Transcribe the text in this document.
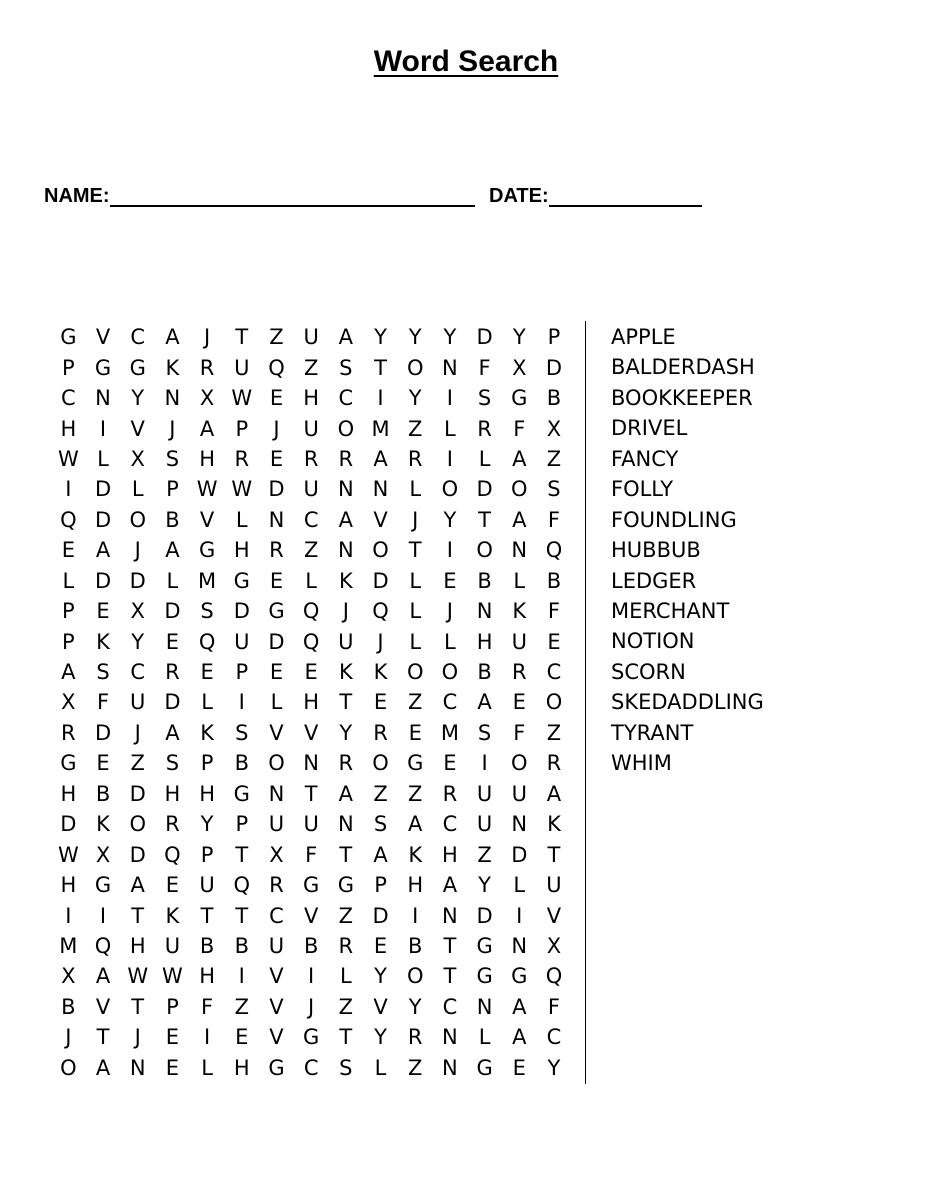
Word Search
NAME:	DATE:
G V C A	J	T	Z U A	Y	Y	Y D Y	P
P G G K R U Q Z S	T O N F	X D
C N Y N X W E H C	I	Y	I	S G B
H	I	V	J	A	P	J	U O M Z	L	R	F	X
W L	X S H R E R R A R	I	L	A Z
I	D L	P W W D U N N L O D O S
Q D O B V	L N C A V	J	Y	T	A	F
E A	J	A G H R Z N O T	I	O N Q
L D D L M G E	L	K D L	E B	L	B
P	E X D S D G Q	J	Q L	J	N K	F
P	K	Y	E Q U D Q U	J	L	L H U E
A S C R E	P	E	E	K K O O B R C
X	F U D L	I	L H T	E Z C A E O
R D	J	A K	S V V	Y R E M S	F	Z
G E Z S	P	B O N R O G E	I	O R
H B D H H G N T	A Z Z R U U A
D K O R Y	P U U N S A C U N K
W X D Q P	T	X	F	T	A K H Z D T
H G A E U Q R G G P H A	Y	L	U
I	I	T	K	T	T C V Z D	I	N D	I	V
M Q H U B B U B R E B	T G N X
X A W W H	I	V	I	L	Y O T G G Q
B V	T	P	F	Z V	J	Z V	Y C N A	F
J	T	J	E	I	E V G T	Y R N L	A C
O A N E	L H G C S	L	Z N G E	Y
APPLE
BALDERDASH
BOOKKEEPER
DRIVEL
FANCY
FOLLY
FOUNDLING
HUBBUB
LEDGER
MERCHANT
NOTION
SCORN
SKEDADDLING
TYRANT
WHIM
